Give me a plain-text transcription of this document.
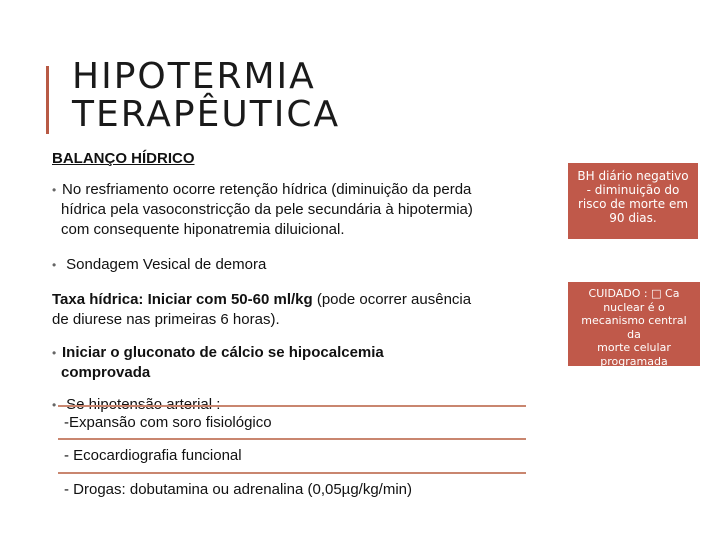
HIPOTERMIA
TERAPÊUTICA
BALANÇO HÍDRICO
• No resfriamento ocorre retenção hídrica (diminuição da perda
hídrica pela vasoconstricção da pele secundária à hipotermia)
com consequente hiponatremia diluicional.
• Sondagem Vesical de demora
Taxa hídrica: Iniciar com 50-60 ml/kg (pode ocorrer ausência
de diurese nas primeiras 6 horas).
• Iniciar o gluconato de cálcio se hipocalcemia
comprovada
•
-Expansão com soro fisiológico
- Ecocardiografia funcional
- Drogas: dobutamina ou adrenalina (0,05µg/kg/min)
BH diário negativo
- diminuição do
risco de morte em
90 dias.
CUIDADO : □ Ca
nuclear é o
mecanismo central da
morte celular
programada
